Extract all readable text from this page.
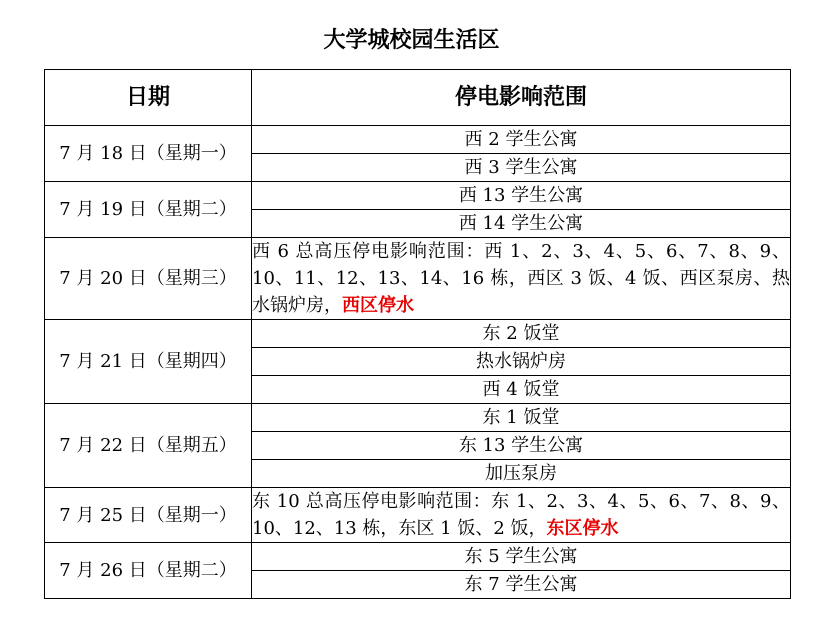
大学城校园生活区
日期	停电影响范围
7 月 18 日（星期一）	西 2 学生公寓
	西 3 学生公寓
7 月 19 日（星期二）	西 13 学生公寓
	西 14 学生公寓
7 月 20 日（星期三）	西 6 总高压停电影响范围：西 1、2、3、4、5、6、7、8、9、10、11、12、13、14、16 栋，西区 3 饭、4 饭、西区泵房、热水锅炉房，西区停水
7 月 21 日（星期四）	东 2 饭堂
	热水锅炉房
	西 4 饭堂
7 月 22 日（星期五）	东 1 饭堂
	东 13 学生公寓
	加压泵房
7 月 25 日（星期一）	东 10 总高压停电影响范围：东 1、2、3、4、5、6、7、8、9、10、12、13 栋，东区 1 饭、2 饭，东区停水
7 月 26 日（星期二）	东 5 学生公寓
	东 7 学生公寓
